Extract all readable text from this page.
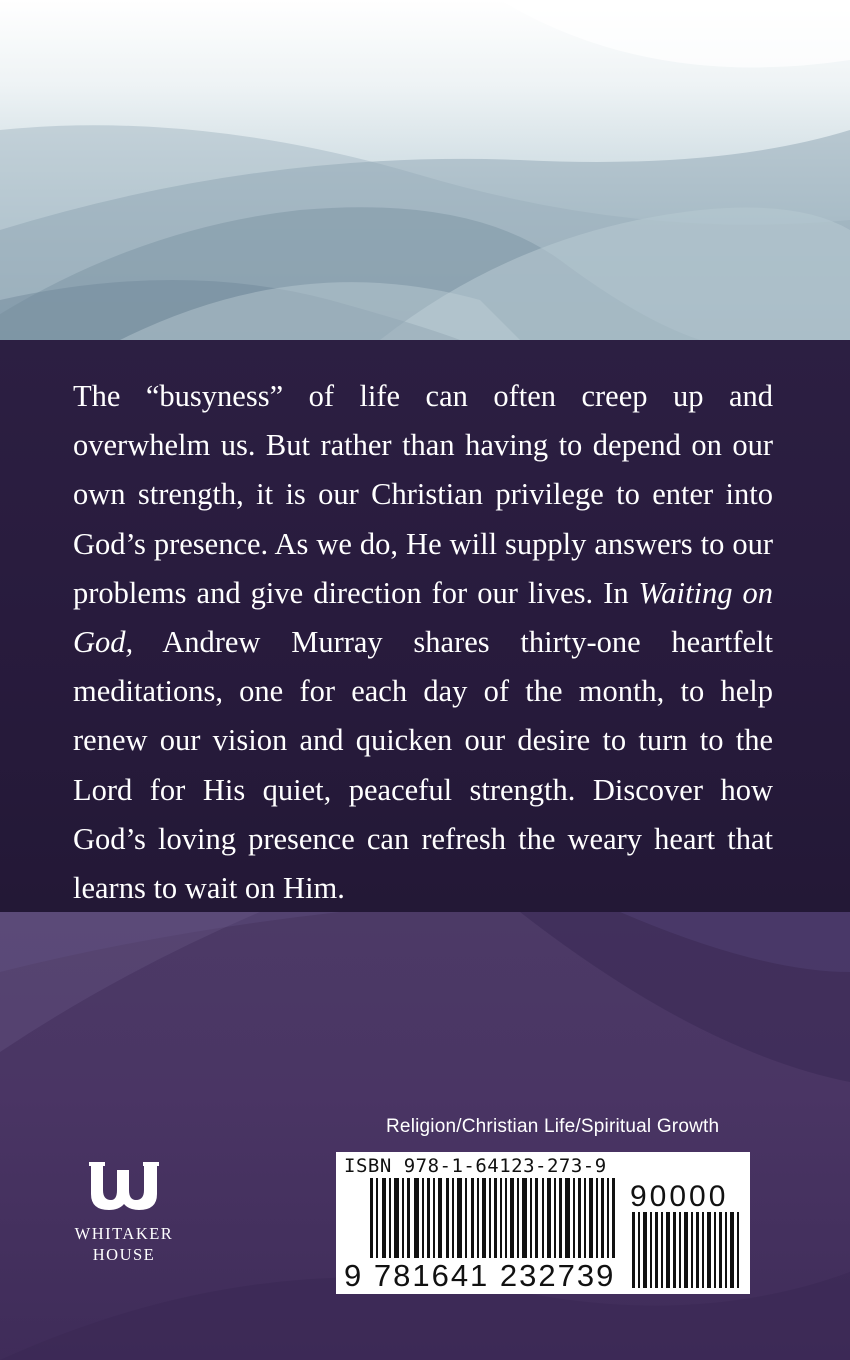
The “busyness” of life can often creep up and overwhelm us. But rather than having to depend on our own strength, it is our Christian privilege to enter into God’s presence. As we do, He will supply answers to our problems and give direction for our lives. In Waiting on God, Andrew Murray shares thirty-one heartfelt meditations, one for each day of the month, to help renew our vision and quicken our desire to turn to the Lord for His quiet, peaceful strength. Discover how God’s loving presence can refresh the weary heart that learns to wait on Him.

Religion/Christian Life/Spiritual Growth
ISBN 978-1-64123-273-9
90000
9 781641 232739
WHITAKER
HOUSE
